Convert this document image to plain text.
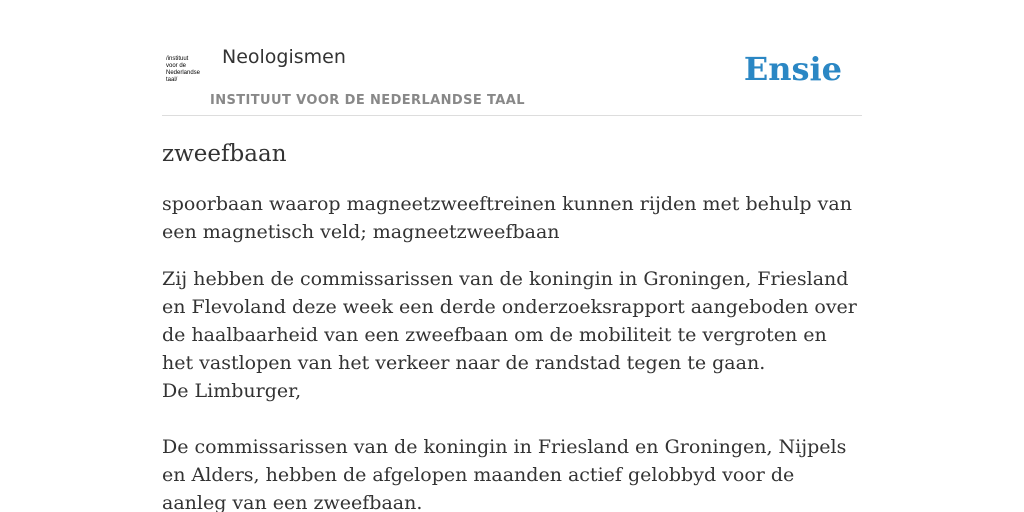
/instituut
voor de
Nederlandse
taal/
Neologismen
INSTITUUT VOOR DE NEDERLANDSE TAAL
Ensie
zweefbaan

spoorbaan waarop magneetzweeftreinen kunnen rijden met behulp van een magnetisch veld; magneetzweefbaan

Zij hebben de commissarissen van de koningin in Groningen, Friesland en Flevoland deze week een derde onderzoeksrapport aangeboden over de haalbaarheid van een zweefbaan om de mobiliteit te vergroten en het vastlopen van het verkeer naar de randstad tegen te gaan.
De Limburger,
De commissarissen van de koningin in Friesland en Groningen, Nijpels en Alders, hebben de afgelopen maanden actief gelobbyd voor de aanleg van een zweefbaan.
